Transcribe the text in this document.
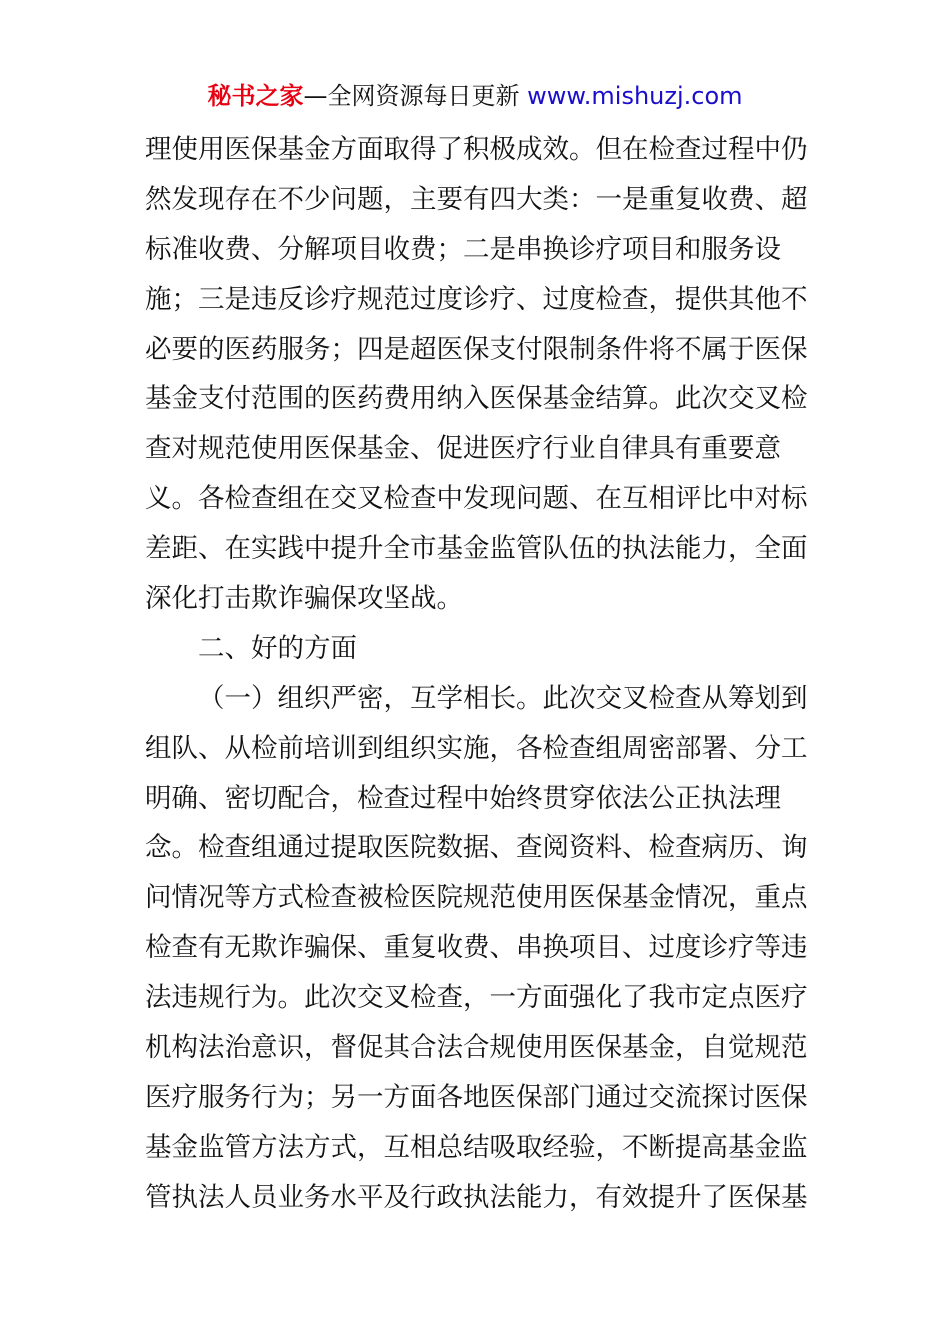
秘书之家—全网资源每日更新 www.mishuzj.com
理使用医保基金方面取得了积极成效。但在检查过程中仍
然发现存在不少问题，主要有四大类：一是重复收费、超
标准收费、分解项目收费；二是串换诊疗项目和服务设
施；三是违反诊疗规范过度诊疗、过度检查，提供其他不
必要的医药服务；四是超医保支付限制条件将不属于医保
基金支付范围的医药费用纳入医保基金结算。此次交叉检
查对规范使用医保基金、促进医疗行业自律具有重要意
义。各检查组在交叉检查中发现问题、在互相评比中对标
差距、在实践中提升全市基金监管队伍的执法能力，全面
深化打击欺诈骗保攻坚战。
二、好的方面
（一）组织严密，互学相长。此次交叉检查从筹划到
组队、从检前培训到组织实施，各检查组周密部署、分工
明确、密切配合，检查过程中始终贯穿依法公正执法理
念。检查组通过提取医院数据、查阅资料、检查病历、询
问情况等方式检查被检医院规范使用医保基金情况，重点
检查有无欺诈骗保、重复收费、串换项目、过度诊疗等违
法违规行为。此次交叉检查，一方面强化了我市定点医疗
机构法治意识，督促其合法合规使用医保基金，自觉规范
医疗服务行为；另一方面各地医保部门通过交流探讨医保
基金监管方法方式，互相总结吸取经验，不断提高基金监
管执法人员业务水平及行政执法能力，有效提升了医保基
